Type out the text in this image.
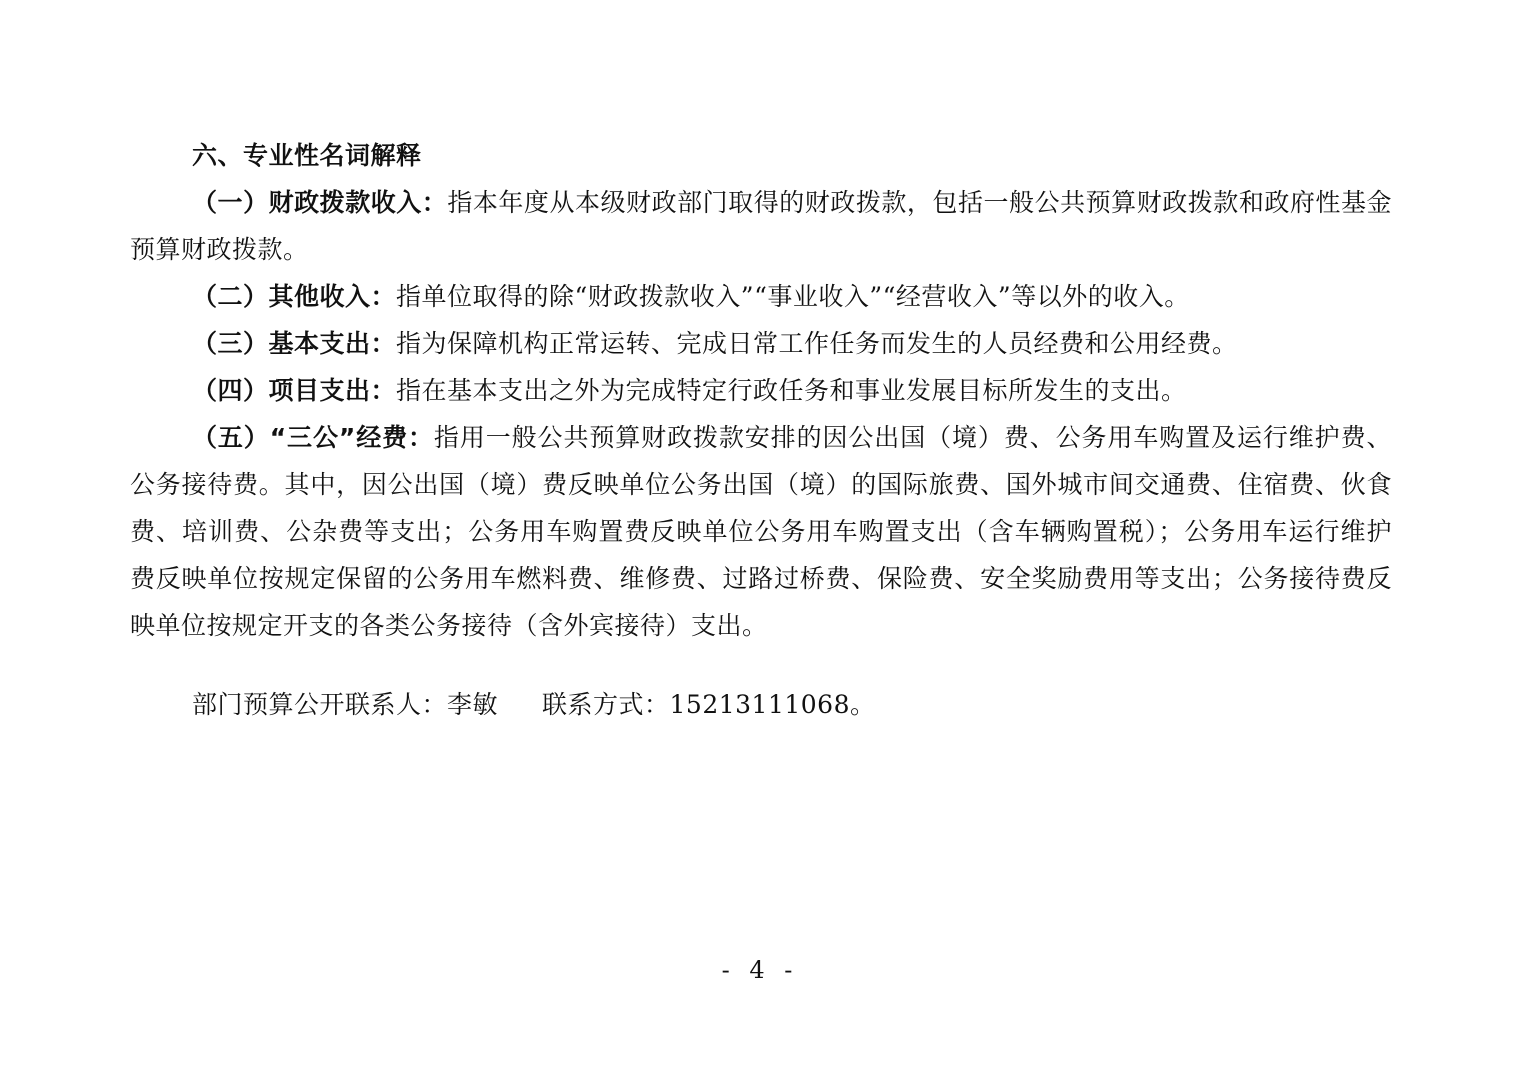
六、专业性名词解释

（一）财政拨款收入：指本年度从本级财政部门取得的财政拨款，包括一般公共预算财政拨款和政府性基金预算财政拨款。

（二）其他收入：指单位取得的除“财政拨款收入”“事业收入”“经营收入”等以外的收入。

（三）基本支出：指为保障机构正常运转、完成日常工作任务而发生的人员经费和公用经费。

（四）项目支出：指在基本支出之外为完成特定行政任务和事业发展目标所发生的支出。

（五）“三公”经费：指用一般公共预算财政拨款安排的因公出国（境）费、公务用车购置及运行维护费、公务接待费。其中，因公出国（境）费反映单位公务出国（境）的国际旅费、国外城市间交通费、住宿费、伙食费、培训费、公杂费等支出；公务用车购置费反映单位公务用车购置支出（含车辆购置税）；公务用车运行维护费反映单位按规定保留的公务用车燃料费、维修费、过路过桥费、保险费、安全奖励费用等支出；公务接待费反映单位按规定开支的各类公务接待（含外宾接待）支出。

部门预算公开联系人：李敏 联系方式：15213111068。

- 4 -
